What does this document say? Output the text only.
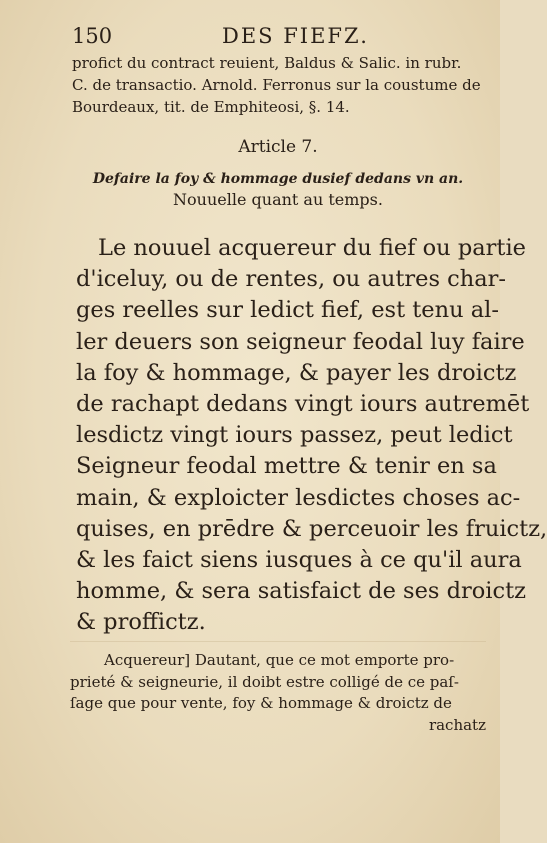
150	DES FIEFZ.
profict du contract reuient, Baldus & Salic. in rubr.
C. de transactio. Arnold. Ferronus sur la coustume de
Bourdeaux, tit. de Emphiteosi, §. 14.
Article 7.
Defaire la foy & hommage dusief dedans vn an.
Nouuelle quant au temps.
Le nouuel acquereur du fief ou partie
d'iceluy, ou de rentes, ou autres char-
ges reelles sur ledict fief, est tenu al-
ler deuers son seigneur feodal luy faire
la foy & hommage, & payer les droictz
de rachapt dedans vingt iours autremēt
lesdictz vingt iours passez, peut ledict
Seigneur feodal mettre & tenir en sa
main, & exploicter lesdictes choses ac-
quises, en prēdre & perceuoir les fruictz,
& les faict siens iusques à ce qu'il aura
homme, & sera satisfaict de ses droictz
& proffictz.
Acquereur] Dautant, que ce mot emporte pro-
prieté & seigneurie, il doibt estre colligé de ce paſ-
ſage que pour vente, foy & hommage & droictz de
rachatz
